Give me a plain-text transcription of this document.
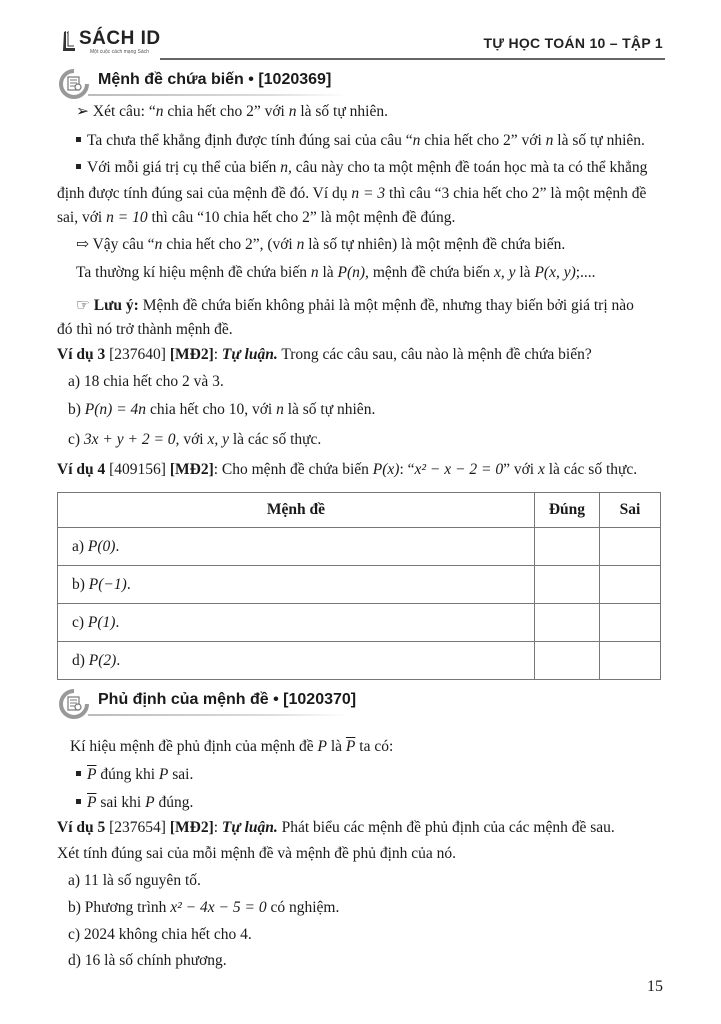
SÁCH ID
Một cuộc cách mạng Sách
TỰ HỌC TOÁN 10 – TẬP 1
Mệnh đề chứa biến • [1020369]
➢ Xét câu: “n chia hết cho 2” với n là số tự nhiên.
Ta chưa thể khẳng định được tính đúng sai của câu “n chia hết cho 2” với n là số tự nhiên.
Với mỗi giá trị cụ thể của biến n, câu này cho ta một mệnh đề toán học mà ta có thể khẳng
định được tính đúng sai của mệnh đề đó. Ví dụ n = 3 thì câu “3 chia hết cho 2” là một mệnh đề
sai, với n = 10 thì câu “10 chia hết cho 2” là một mệnh đề đúng.
⇨ Vậy câu “n chia hết cho 2”, (với n là số tự nhiên) là một mệnh đề chứa biến.
Ta thường kí hiệu mệnh đề chứa biến n là P(n), mệnh đề chứa biến x, y là P(x, y);....
☞ Lưu ý: Mệnh đề chứa biến không phải là một mệnh đề, nhưng thay biến bởi giá trị nào
đó thì nó trở thành mệnh đề.
Ví dụ 3 [237640] [MĐ2]: Tự luận. Trong các câu sau, câu nào là mệnh đề chứa biến?
a) 18 chia hết cho 2 và 3.
b) P(n) = 4n chia hết cho 10, với n là số tự nhiên.
c) 3x + y + 2 = 0, với x, y là các số thực.
Ví dụ 4 [409156] [MĐ2]: Cho mệnh đề chứa biến P(x): “x² − x − 2 = 0” với x là các số thực.
Mệnh đề	Đúng	Sai
a) P(0).		
b) P(−1).		
c) P(1).		
d) P(2).		
Phủ định của mệnh đề • [1020370]
Kí hiệu mệnh đề phủ định của mệnh đề P là $\overline{P}$ ta có:
$\overline{P}$ đúng khi P sai.
$\overline{P}$ sai khi P đúng.
Ví dụ 5 [237654] [MĐ2]: Tự luận. Phát biểu các mệnh đề phủ định của các mệnh đề sau.
Xét tính đúng sai của mỗi mệnh đề và mệnh đề phủ định của nó.
a) 11 là số nguyên tố.
b) Phương trình x² − 4x − 5 = 0 có nghiệm.
c) 2024 không chia hết cho 4.
d) 16 là số chính phương.
15
